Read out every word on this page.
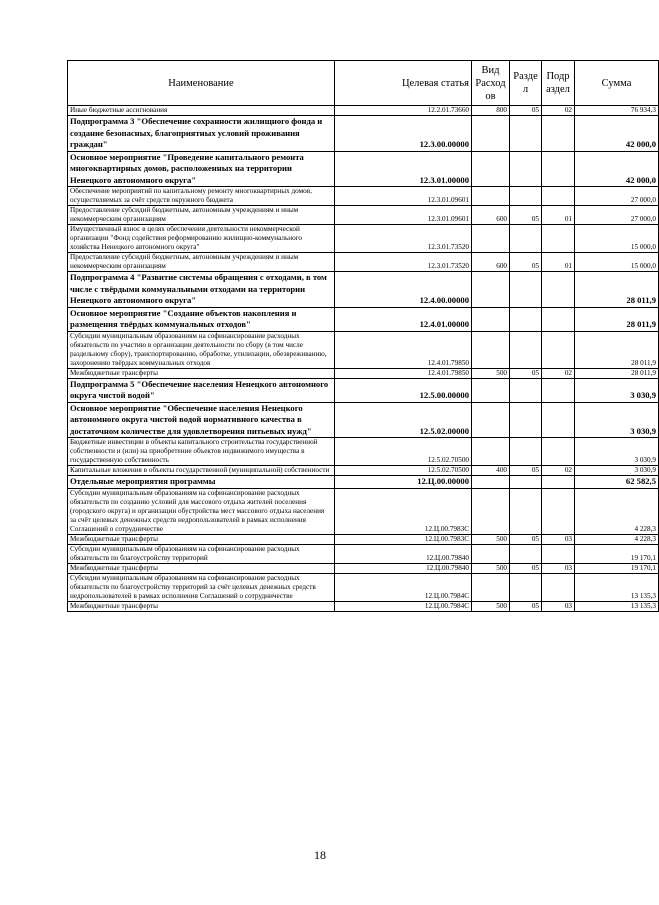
Наименование	Целевая статья	Вид Расход ов	Разде л	Подр аздел	Сумма
Иные бюджетные ассигнования	12.2.01.73660	800	05	02	76 934,3
Подпрограмма 3 "Обеспечение сохранности жилищного фонда и создание безопасных, благоприятных условий проживания граждан"	12.3.00.00000				42 000,0
Основное мероприятие "Проведение капитального ремонта многоквартирных домов, расположенных на территории Ненецкого автономного округа"	12.3.01.00000				42 000,0
Обеспечение мероприятий по капитальному ремонту многоквартирных домов, осуществляемых за счёт средств окружного бюджета	12.3.01.09601				27 000,0
Предоставление субсидий бюджетным, автономным учреждениям и иным некоммерческим организациям	12.3.01.09601	600	05	01	27 000,0
Имущественный взнос в целях обеспечения деятельности некоммерческой организации "Фонд содействия реформированию жилищно-коммунального хозяйства Ненецкого автономного округа"	12.3.01.73520				15 000,0
Предоставление субсидий бюджетным, автономным учреждениям и иным некоммерческим организациям	12.3.01.73520	600	05	01	15 000,0
Подпрограмма 4 "Развитие системы обращения с отходами, в том числе с твёрдыми коммунальными отходами на территории Ненецкого автономного округа"	12.4.00.00000				28 011,9
Основное мероприятие "Создание объектов накопления и размещения твёрдых коммунальных отходов"	12.4.01.00000				28 011,9
Субсидии муниципальным образованиям на софинансирование расходных обязательств по участию в организации деятельности по сбору (в том числе раздельному сбору), транспортированию, обработке, утилизации, обезвреживанию, захоронению твёрдых коммунальных отходов	12.4.01.79850				28 011,9
Межбюджетные трансферты	12.4.01.79850	500	05	02	28 011,9
Подпрограмма 5 "Обеспечение населения Ненецкого автономного округа чистой водой"	12.5.00.00000				3 030,9
Основное мероприятие "Обеспечение населения Ненецкого автономного округа чистой водой нормативного качества в достаточном количестве для удовлетворения питьевых нужд"	12.5.02.00000				3 030,9
Бюджетные инвестиции в объекты капитального строительства государственной собственности и (или) на приобретение объектов недвижимого имущества в государственную собственность	12.5.02.70500				3 030,9
Капитальные вложения в объекты государственной (муниципальной) собственности	12.5.02.70500	400	05	02	3 030,9
Отдельные мероприятия программы	12.Ц.00.00000				62 582,5
Субсидии муниципальным образованиям на софинансирование расходных обязательств по созданию условий для массового отдыха жителей поселения (городского округа) и организации обустройства мест массового отдыха населения за счёт целевых денежных средств недропользователей в рамках исполнения Соглашений о сотрудничестве	12.Ц.00.7983С				4 228,3
Межбюджетные трансферты	12.Ц.00.7983С	500	05	03	4 228,3
Субсидии муниципальным образованиям на софинансирование расходных обязательств по благоустройству территорий	12.Ц.00.79840				19 170,1
Межбюджетные трансферты	12.Ц.00.79840	500	05	03	19 170,1
Субсидии муниципальным образованиям на софинансирование расходных обязательств по благоустройству территорий за счёт целевых денежных средств недропользователей в рамках исполнения Соглашений о сотрудничестве	12.Ц.00.7984С				13 135,3
Межбюджетные трансферты	12.Ц.00.7984С	500	05	03	13 135,3
18
